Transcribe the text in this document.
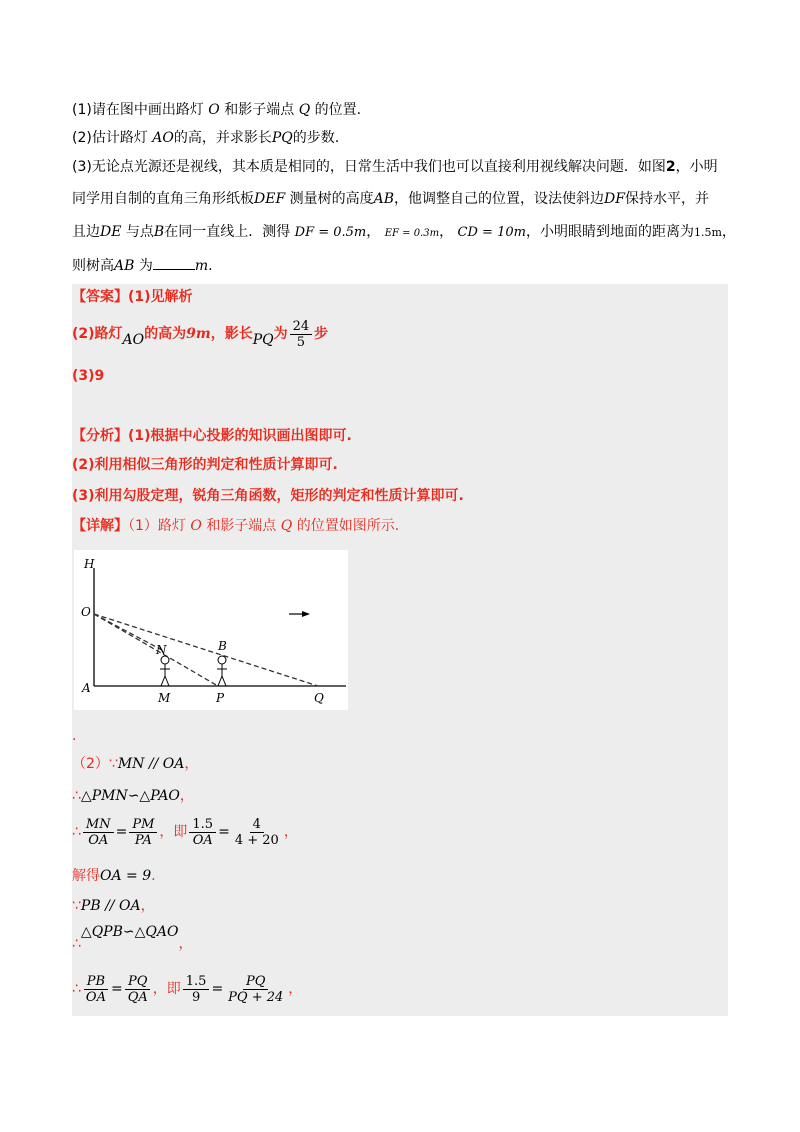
(1)请在图中画出路灯 O 和影子端点 Q 的位置.
(2)估计路灯 AO的高，并求影长PQ的步数.
(3)无论点光源还是视线，其本质是相同的，日常生活中我们也可以直接利用视线解决问题．如图2，小明
同学用自制的直角三角形纸板DEF 测量树的高度AB，他调整自己的位置，设法使斜边DF保持水平，并
且边DE 与点B在同一直线上．测得 DF = 0.5m， EF = 0.3m， CD = 10m，小明眼睛到地面的距离为1.5m，
则树高AB 为	m.
【答案】(1)见解析
(2)路灯 AO 的高为 9m ，影长 PQ 为 $\frac{24}{5}$ 步
(3)9
【分析】(1)根据中心投影的知识画出图即可.
(2)利用相似三角形的判定和性质计算即可.
(3)利用勾股定理，锐角三角函数，矩形的判定和性质计算即可.
【详解】（1）路灯 O 和影子端点 Q 的位置如图所示.
H
O
A
N
M
B
P	Q
.
（2）∵MN // OA，
∴△PMN∽△PAO，
∴ $\frac{MN}{OA} = \frac{PM}{PA}$ ，即 $\frac{1.5}{OA} = \frac{4}{4 + 20}$ ，
解得OA = 9.
∵PB // OA，
∴△QPB∽△QAO，
∴ $\frac{PB}{OA} = \frac{PQ}{QA}$ ，即 $\frac{1.5}{9} = \frac{PQ}{PQ + 24}$ ，
